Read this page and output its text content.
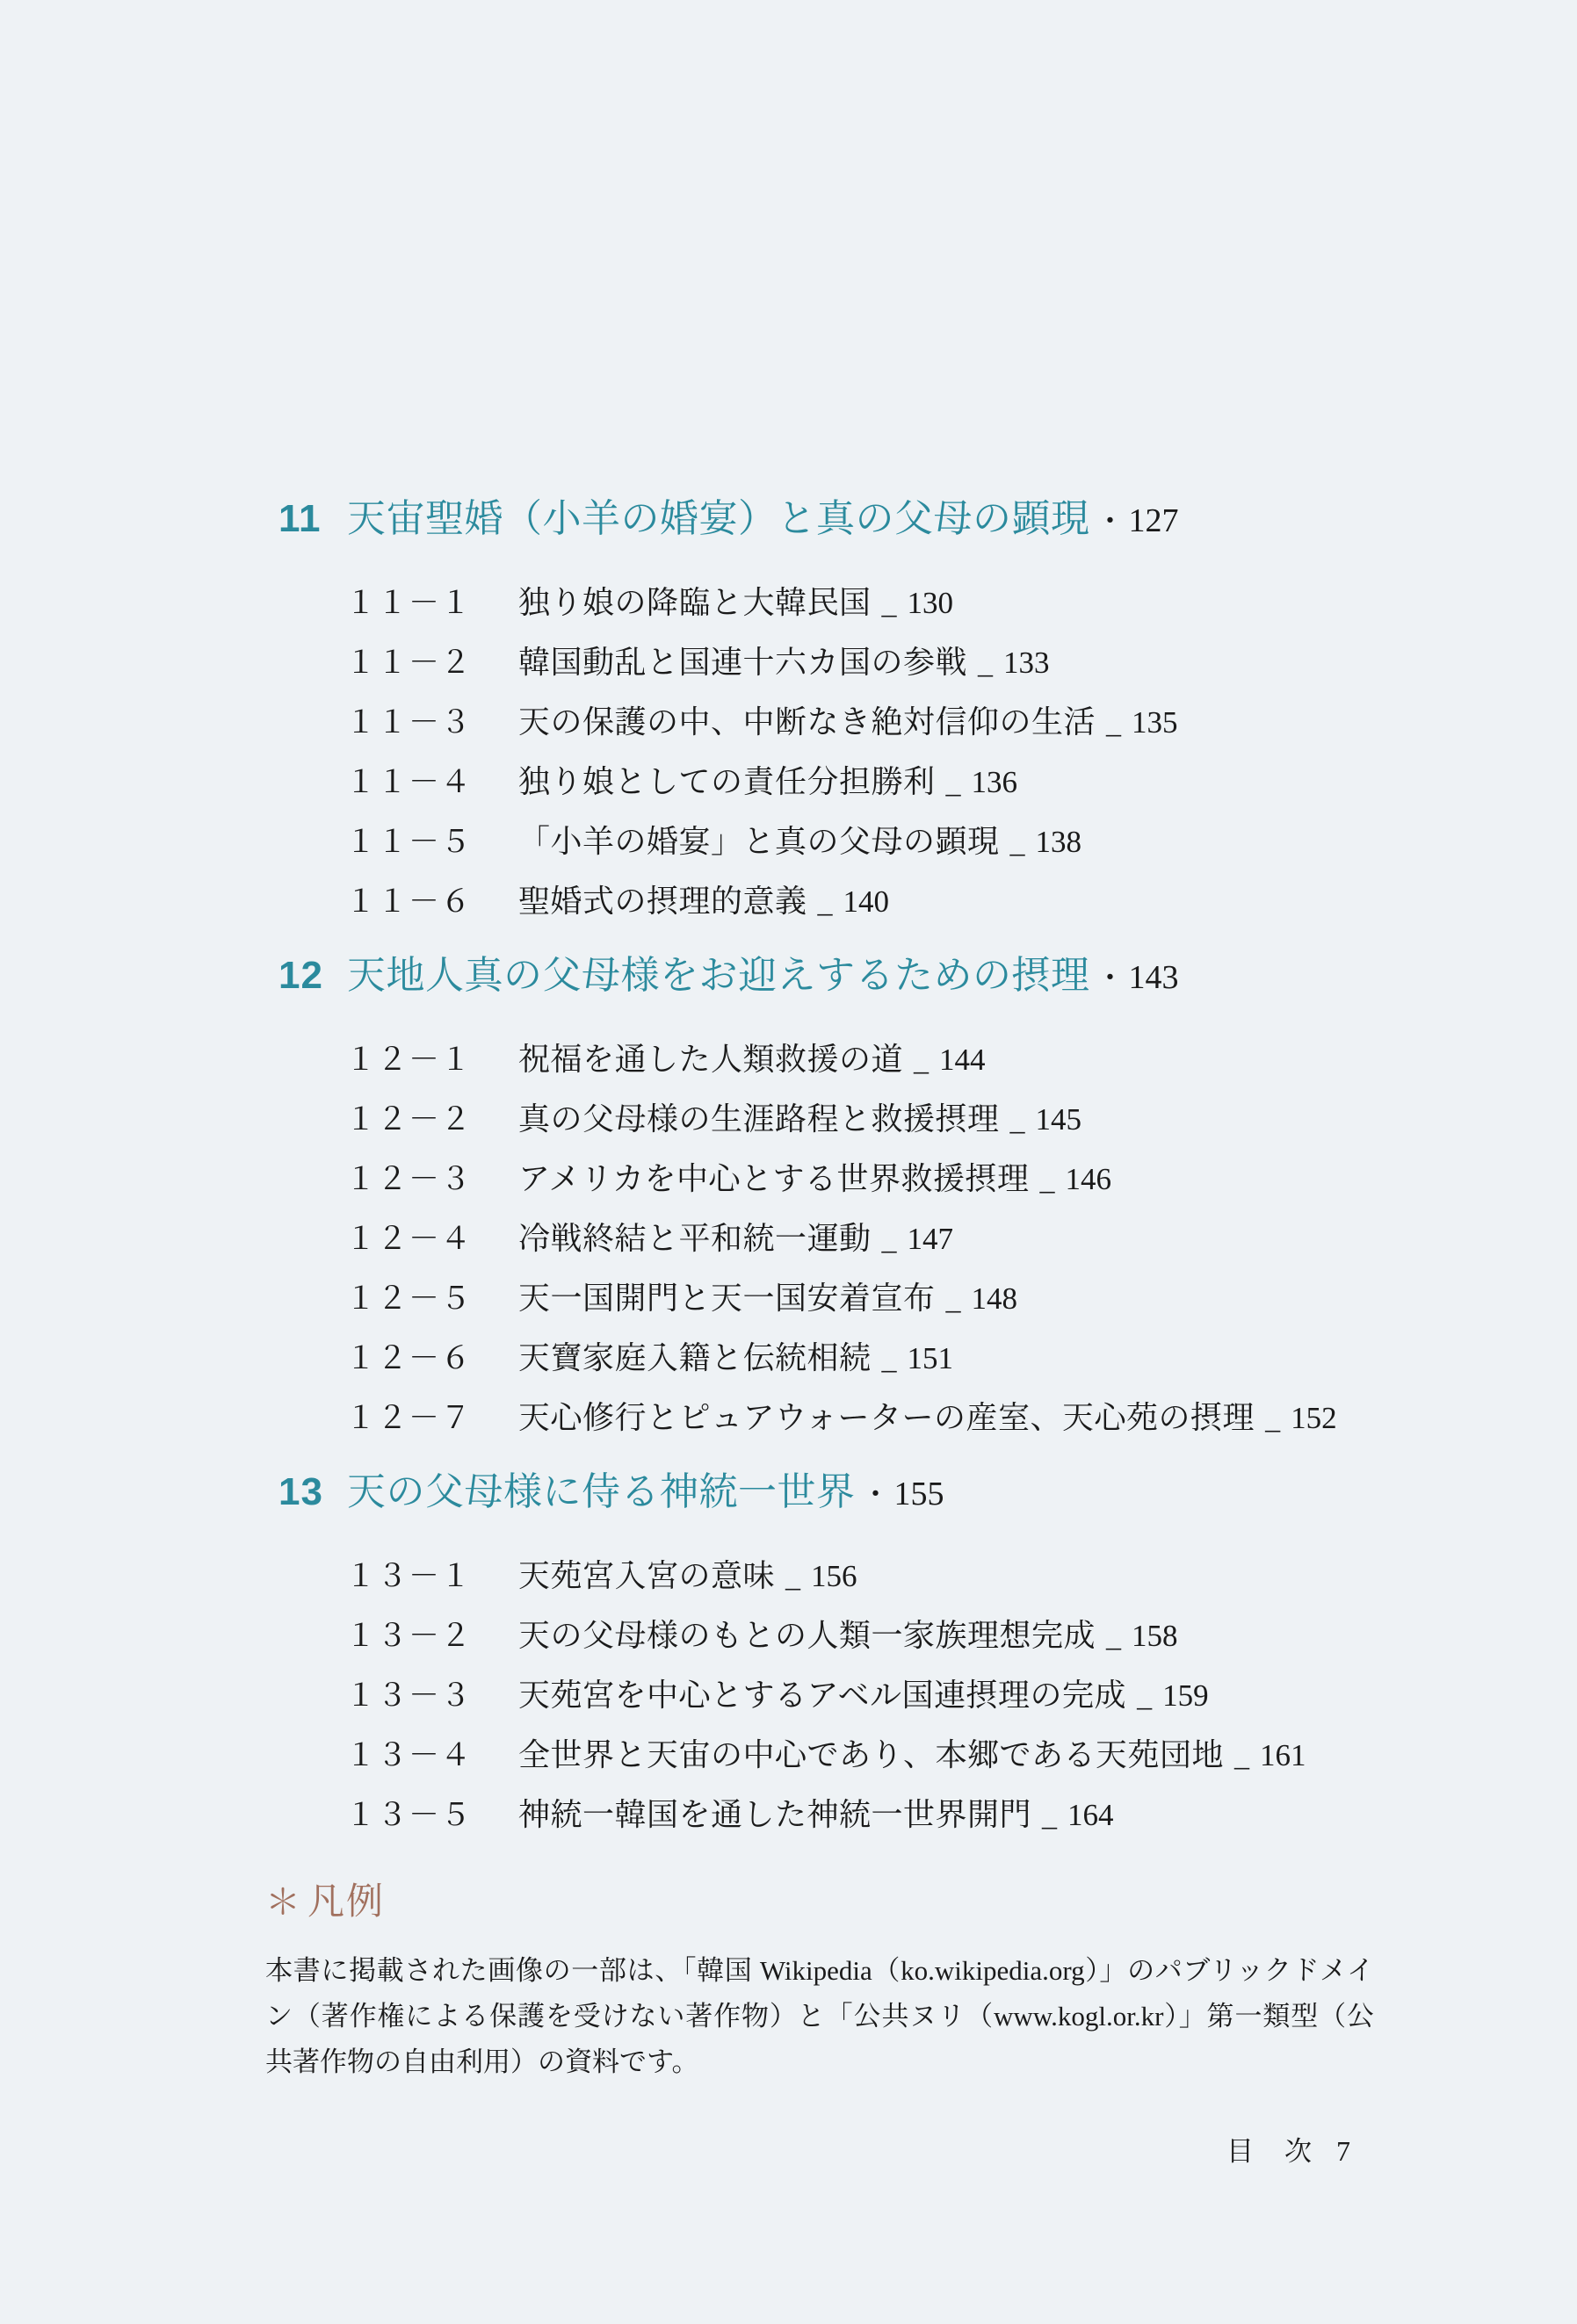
11 天宙聖婚（小羊の婚宴）と真の父母の顕現 ・ 127
１１－１	独り娘の降臨と大韓民国 _ 130
１１－２	韓国動乱と国連十六カ国の参戦 _ 133
１１－３	天の保護の中、中断なき絶対信仰の生活 _ 135
１１－４	独り娘としての責任分担勝利 _ 136
１１－５	「小羊の婚宴」と真の父母の顕現 _ 138
１１－６	聖婚式の摂理的意義 _ 140
12 天地人真の父母様をお迎えするための摂理 ・ 143
１２－１	祝福を通した人類救援の道 _ 144
１２－２	真の父母様の生涯路程と救援摂理 _ 145
１２－３	アメリカを中心とする世界救援摂理 _ 146
１２－４	冷戦終結と平和統一運動 _ 147
１２－５	天一国開門と天一国安着宣布 _ 148
１２－６	天寶家庭入籍と伝統相続 _ 151
１２－７	天心修行とピュアウォーターの産室、天心苑の摂理 _ 152
13 天の父母様に侍る神統一世界 ・ 155
１３－１	天苑宮入宮の意味 _ 156
１３－２	天の父母様のもとの人類一家族理想完成 _ 158
１３－３	天苑宮を中心とするアベル国連摂理の完成 _ 159
１３－４	全世界と天宙の中心であり、本郷である天苑団地 _ 161
１３－５	神統一韓国を通した神統一世界開門 _ 164
＊ 凡例

本書に掲載された画像の一部は、「韓国 Wikipedia（ko.wikipedia.org）」のパブリックドメイン（著作権による保護を受けない著作物）と「公共ヌリ（www.kogl.or.kr）」第一類型（公共著作物の自由利用）の資料です。

目　次 7
